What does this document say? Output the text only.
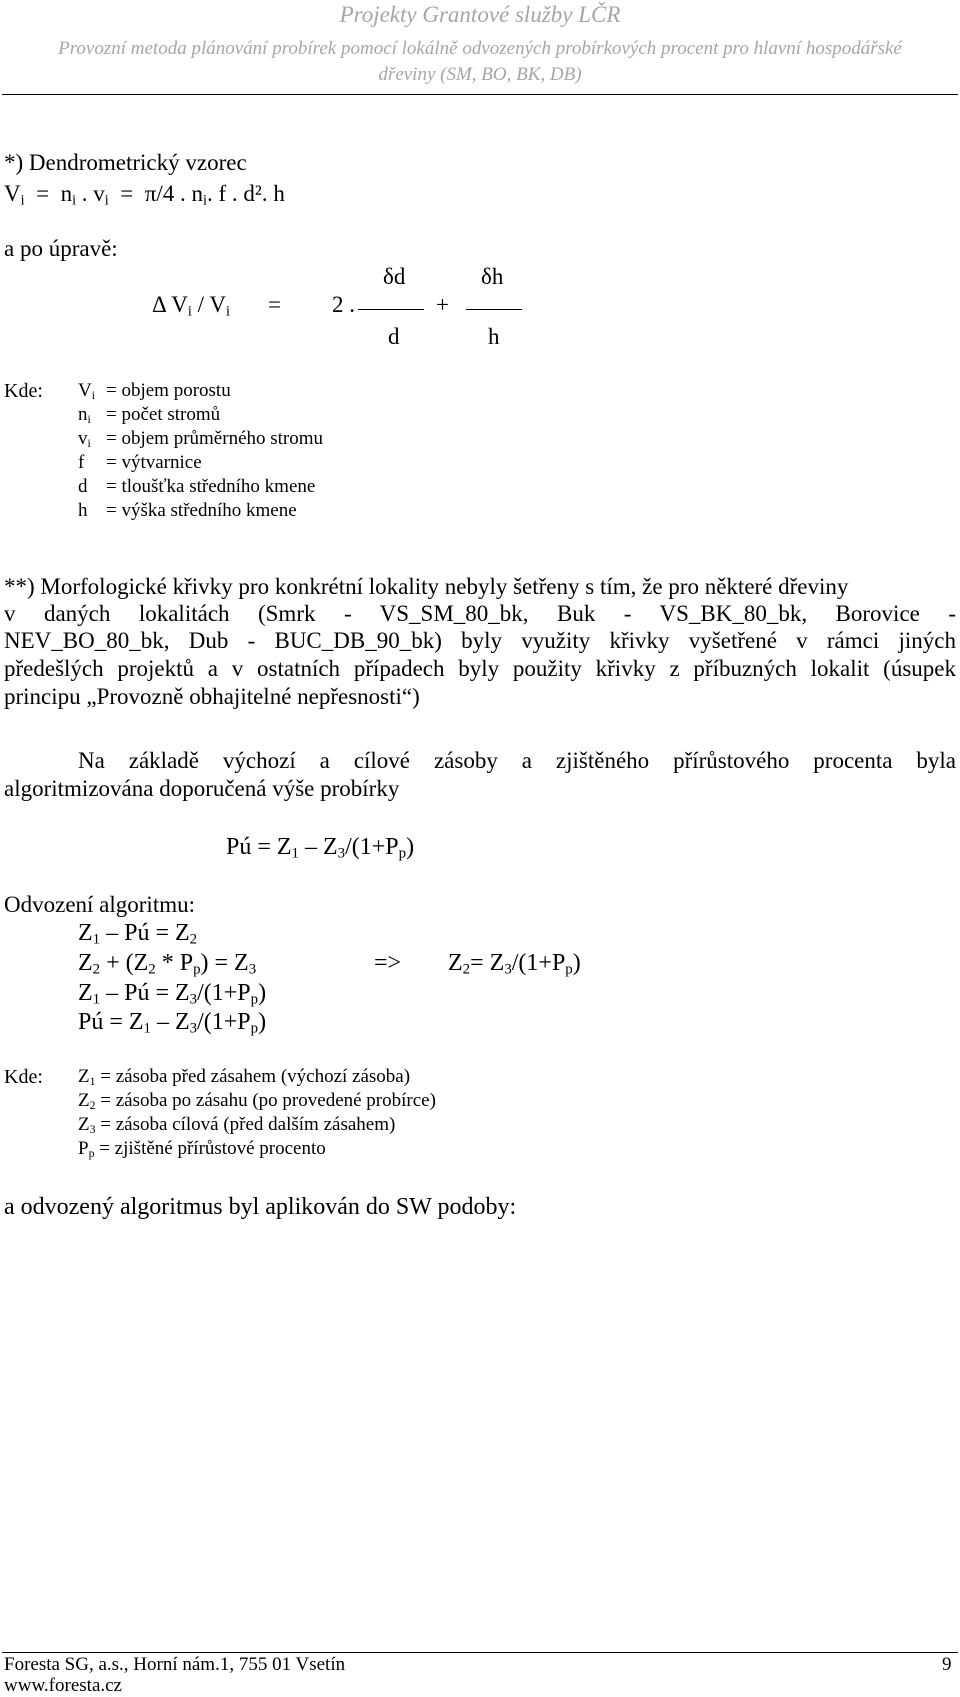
Projekty Grantové služby LČR
Provozní metoda plánování probírek pomocí lokálně odvozených probírkových procent pro hlavní hospodářské
dřeviny (SM, BO, BK, DB)
*) Dendrometrický vzorec
$V_i = n_i$ . $v_i = \pi/4$ . $n_i$. f . d². h
a po úpravě:
δd	δh
Δ $V_i / V_i = 2$ .	+
d	h
Kde: $V_i$ = objem porostu
$n_i$ = počet stromů
$v_i$ = objem průměrného stromu
f = výtvarnice
d = tloušťka středního kmene
h = výška středního kmene
**) Morfologické křivky pro konkrétní lokality nebyly šetřeny s tím, že pro některé dřeviny
v daných lokalitách (Smrk - VS_SM_80_bk, Buk - VS_BK_80_bk, Borovice -
NEV_BO_80_bk, Dub - BUC_DB_90_bk) byly využity křivky vyšetřené v rámci jiných
předešlých projektů a v ostatních případech byly použity křivky z příbuzných lokalit (úsupek
principu „Provozně obhajitelné nepřesnosti“)
Na základě výchozí a cílové zásoby a zjištěného přírůstového procenta byla
algoritmizována doporučená výše probírky
Pú = $Z_1 - Z_3/(1+P_p)$
Odvození algoritmu:
$Z_1$ – Pú = $Z_2$
$Z_2 + (Z_2 * P_p) = Z_3$	=> $Z_2= Z_3/(1+P_p)$
$Z_1$ – Pú = $Z_3/(1+P_p)$
Pú = $Z_1 - Z_3/(1+P_p)$
Kde: $Z_1$ = zásoba před zásahem (výchozí zásoba)
$Z_2$ = zásoba po zásahu (po provedené probírce)
$Z_3$ = zásoba cílová (před dalším zásahem)
$P_p$ = zjištěné přírůstové procento
a odvozený algoritmus byl aplikován do SW podoby:
Foresta SG, a.s., Horní nám.1, 755 01 Vsetín	9
www.foresta.cz
